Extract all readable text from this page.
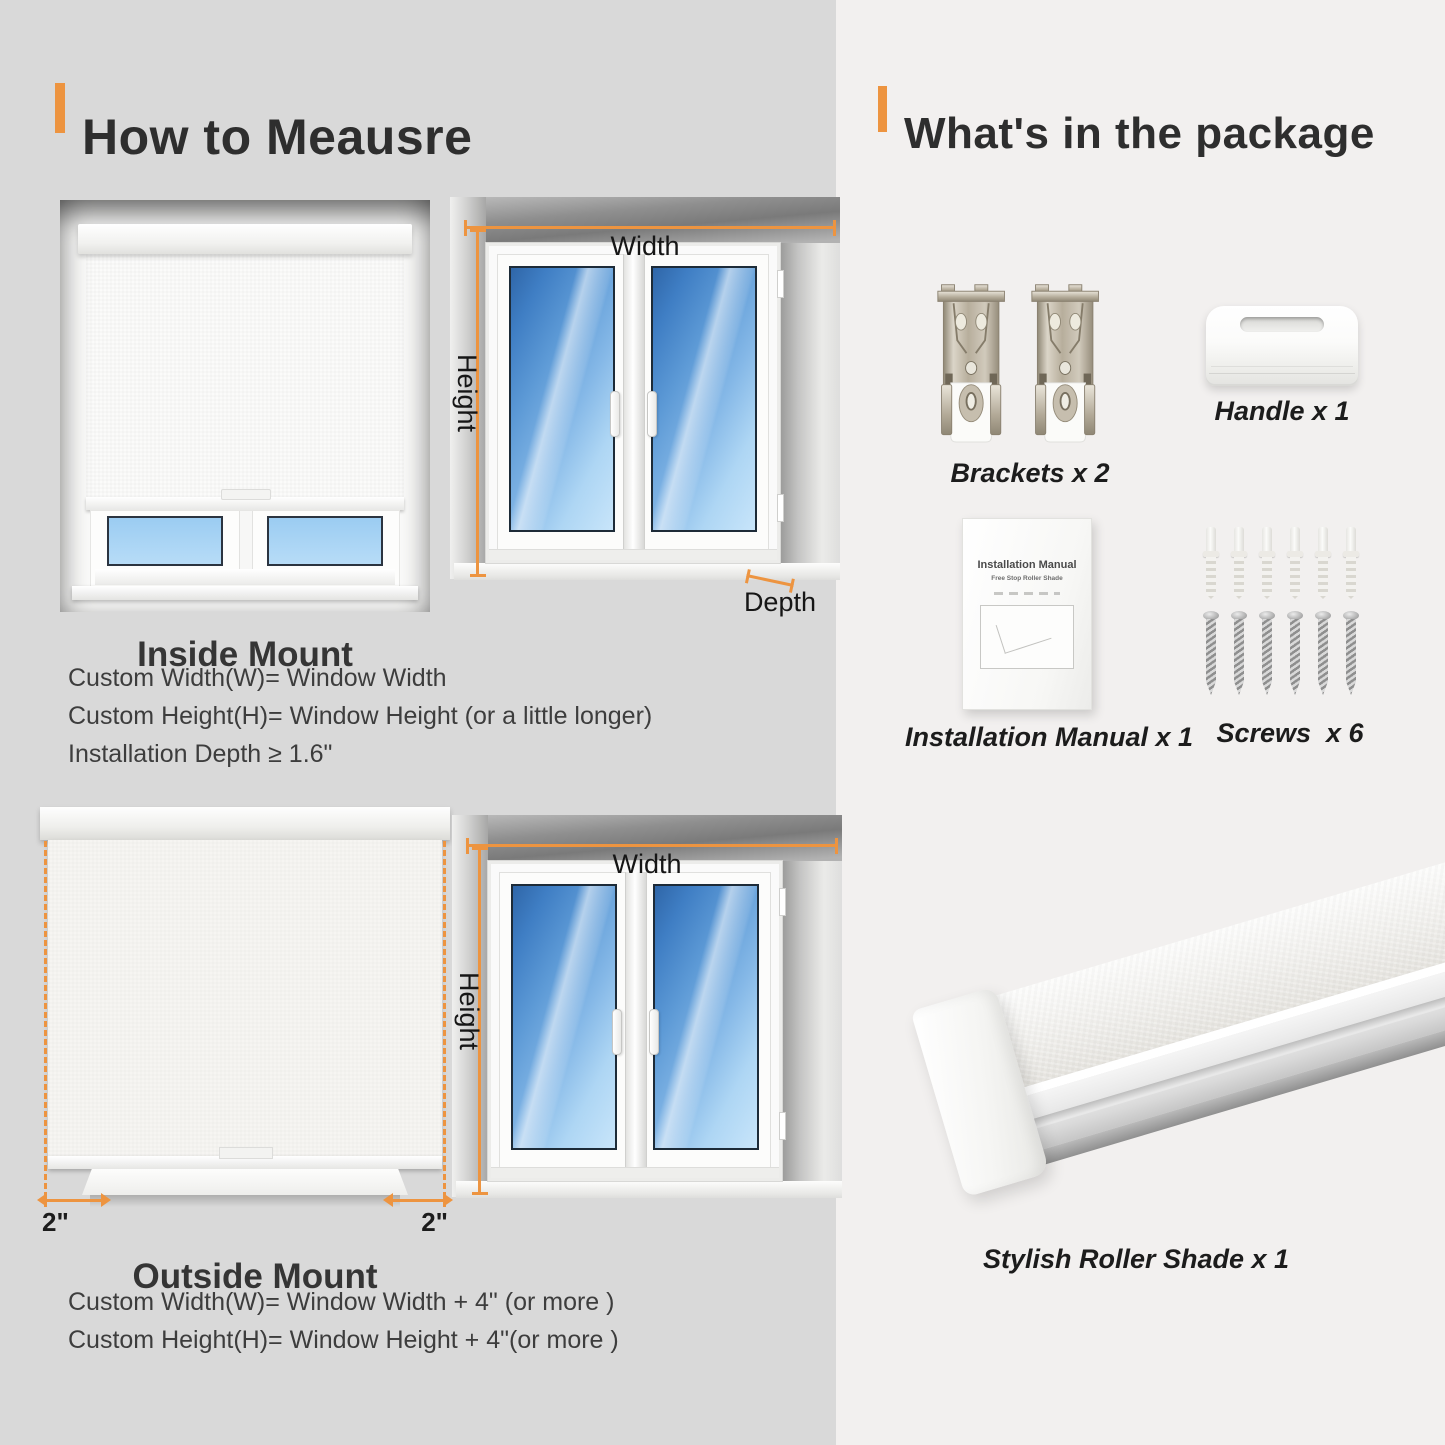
How to Meausre
Width
Height
Depth
Inside Mount
Custom Width(W)= Window Width
Custom Height(H)= Window Height (or a little longer)
Installation Depth ≥ 1.6"
2"	2"
Width
Height
Outside Mount
Custom Width(W)= Window Width + 4" (or more )
Custom Height(H)= Window Height + 4"(or more )
What's in the package
Brackets x 2
Handle x 1
Installation Manual
Free Stop Roller Shade
Installation Manual x 1 Screws  x 6
Stylish Roller Shade x 1
